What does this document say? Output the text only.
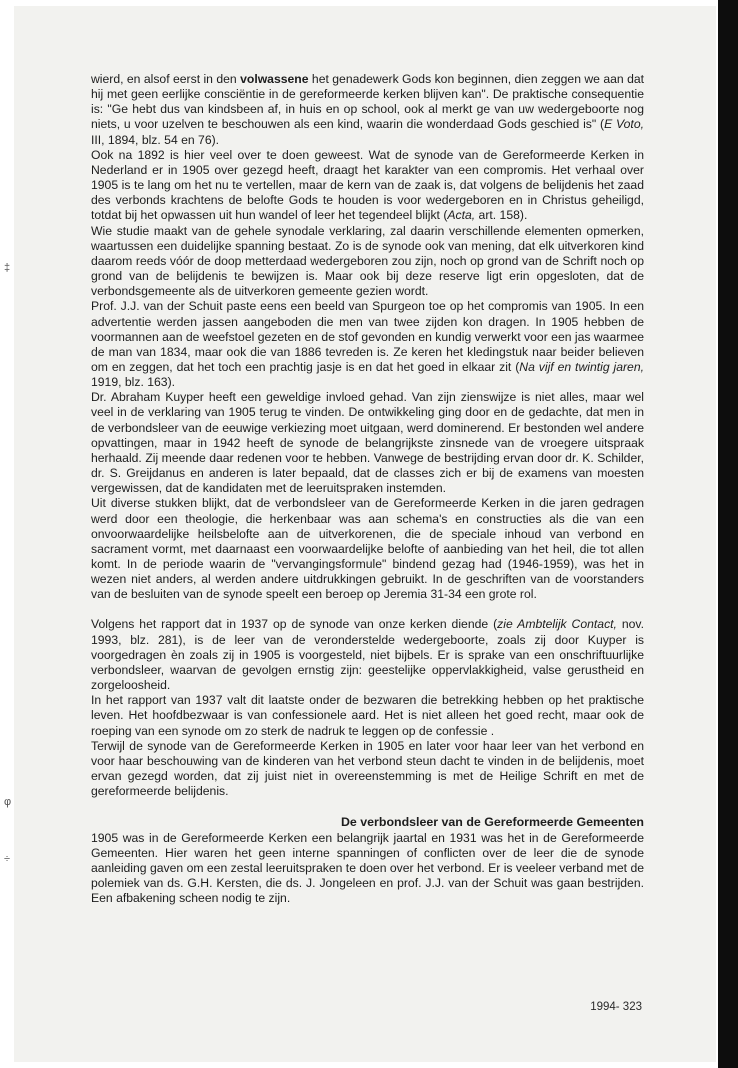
‡
φ
÷

wierd, en alsof eerst in den volwassene het genadewerk Gods kon beginnen, dien zeggen we aan dat hij met geen eerlijke consciëntie in de gereformeerde kerken blijven kan". De praktische consequentie is: "Ge hebt dus van kindsbeen af, in huis en op school, ook al merkt ge van uw wedergeboorte nog niets, u voor uzelven te beschouwen als een kind, waarin die wonderdaad Gods geschied is" (E Voto, III, 1894, blz. 54 en 76).

Ook na 1892 is hier veel over te doen geweest. Wat de synode van de Gereformeerde Kerken in Nederland er in 1905 over gezegd heeft, draagt het karakter van een compromis. Het verhaal over 1905 is te lang om het nu te vertellen, maar de kern van de zaak is, dat volgens de belijdenis het zaad des verbonds krachtens de belofte Gods te houden is voor wedergeboren en in Christus geheiligd, totdat bij het opwassen uit hun wandel of leer het tegendeel blijkt (Acta, art. 158).

Wie studie maakt van de gehele synodale verklaring, zal daarin verschillende elementen opmerken, waartussen een duidelijke spanning bestaat. Zo is de synode ook van mening, dat elk uitverkoren kind daarom reeds vóór de doop metterdaad wedergeboren zou zijn, noch op grond van de Schrift noch op grond van de belijdenis te bewijzen is. Maar ook bij deze reserve ligt erin opgesloten, dat de verbondsgemeente als de uitverkoren gemeente gezien wordt.

Prof. J.J. van der Schuit paste eens een beeld van Spurgeon toe op het compromis van 1905. In een advertentie werden jassen aangeboden die men van twee zijden kon dragen. In 1905 hebben de voormannen aan de weefstoel gezeten en de stof gevonden en kundig verwerkt voor een jas waarmee de man van 1834, maar ook die van 1886 tevreden is. Ze keren het kledingstuk naar beider believen om en zeggen, dat het toch een prachtig jasje is en dat het goed in elkaar zit (Na vijf en twintig jaren, 1919, blz. 163).

Dr. Abraham Kuyper heeft een geweldige invloed gehad. Van zijn zienswijze is niet alles, maar wel veel in de verklaring van 1905 terug te vinden. De ontwikkeling ging door en de gedachte, dat men in de verbondsleer van de eeuwige verkiezing moet uitgaan, werd dominerend. Er bestonden wel andere opvattingen, maar in 1942 heeft de synode de belangrijkste zinsnede van de vroegere uitspraak herhaald. Zij meende daar redenen voor te hebben. Vanwege de bestrijding ervan door dr. K. Schilder, dr. S. Greijdanus en anderen is later bepaald, dat de classes zich er bij de examens van moesten vergewissen, dat de kandidaten met de leeruitspraken instemden.

Uit diverse stukken blijkt, dat de verbondsleer van de Gereformeerde Kerken in die jaren gedragen werd door een theologie, die herkenbaar was aan schema's en constructies als die van een onvoorwaardelijke heilsbelofte aan de uitverkorenen, die de speciale inhoud van verbond en sacrament vormt, met daarnaast een voorwaardelijke belofte of aanbieding van het heil, die tot allen komt. In de periode waarin de "vervangingsformule" bindend gezag had (1946-1959), was het in wezen niet anders, al werden andere uitdrukkingen gebruikt. In de geschriften van de voorstanders van de besluiten van de synode speelt een beroep op Jeremia 31-34 een grote rol.

Volgens het rapport dat in 1937 op de synode van onze kerken diende (zie Ambtelijk Contact, nov. 1993, blz. 281), is de leer van de veronderstelde wedergeboorte, zoals zij door Kuyper is voorgedragen èn zoals zij in 1905 is voorgesteld, niet bijbels. Er is sprake van een onschriftuurlijke verbondsleer, waarvan de gevolgen ernstig zijn: geestelijke oppervlakkigheid, valse gerustheid en zorgeloosheid.

In het rapport van 1937 valt dit laatste onder de bezwaren die betrekking hebben op het praktische leven. Het hoofdbezwaar is van confessionele aard. Het is niet alleen het goed recht, maar ook de roeping van een synode om zo sterk de nadruk te leggen op de confessie .

Terwijl de synode van de Gereformeerde Kerken in 1905 en later voor haar leer van het verbond en voor haar beschouwing van de kinderen van het verbond steun dacht te vinden in de belijdenis, moet ervan gezegd worden, dat zij juist niet in overeenstemming is met de Heilige Schrift en met de gereformeerde belijdenis.

De verbondsleer van de Gereformeerde Gemeenten

1905 was in de Gereformeerde Kerken een belangrijk jaartal en 1931 was het in de Gereformeerde Gemeenten. Hier waren het geen interne spanningen of conflicten over de leer die de synode aanleiding gaven om een zestal leeruitspraken te doen over het verbond. Er is veeleer verband met de polemiek van ds. G.H. Kersten, die ds. J. Jongeleen en prof. J.J. van der Schuit was gaan bestrijden. Een afbakening scheen nodig te zijn.

1994- 323
